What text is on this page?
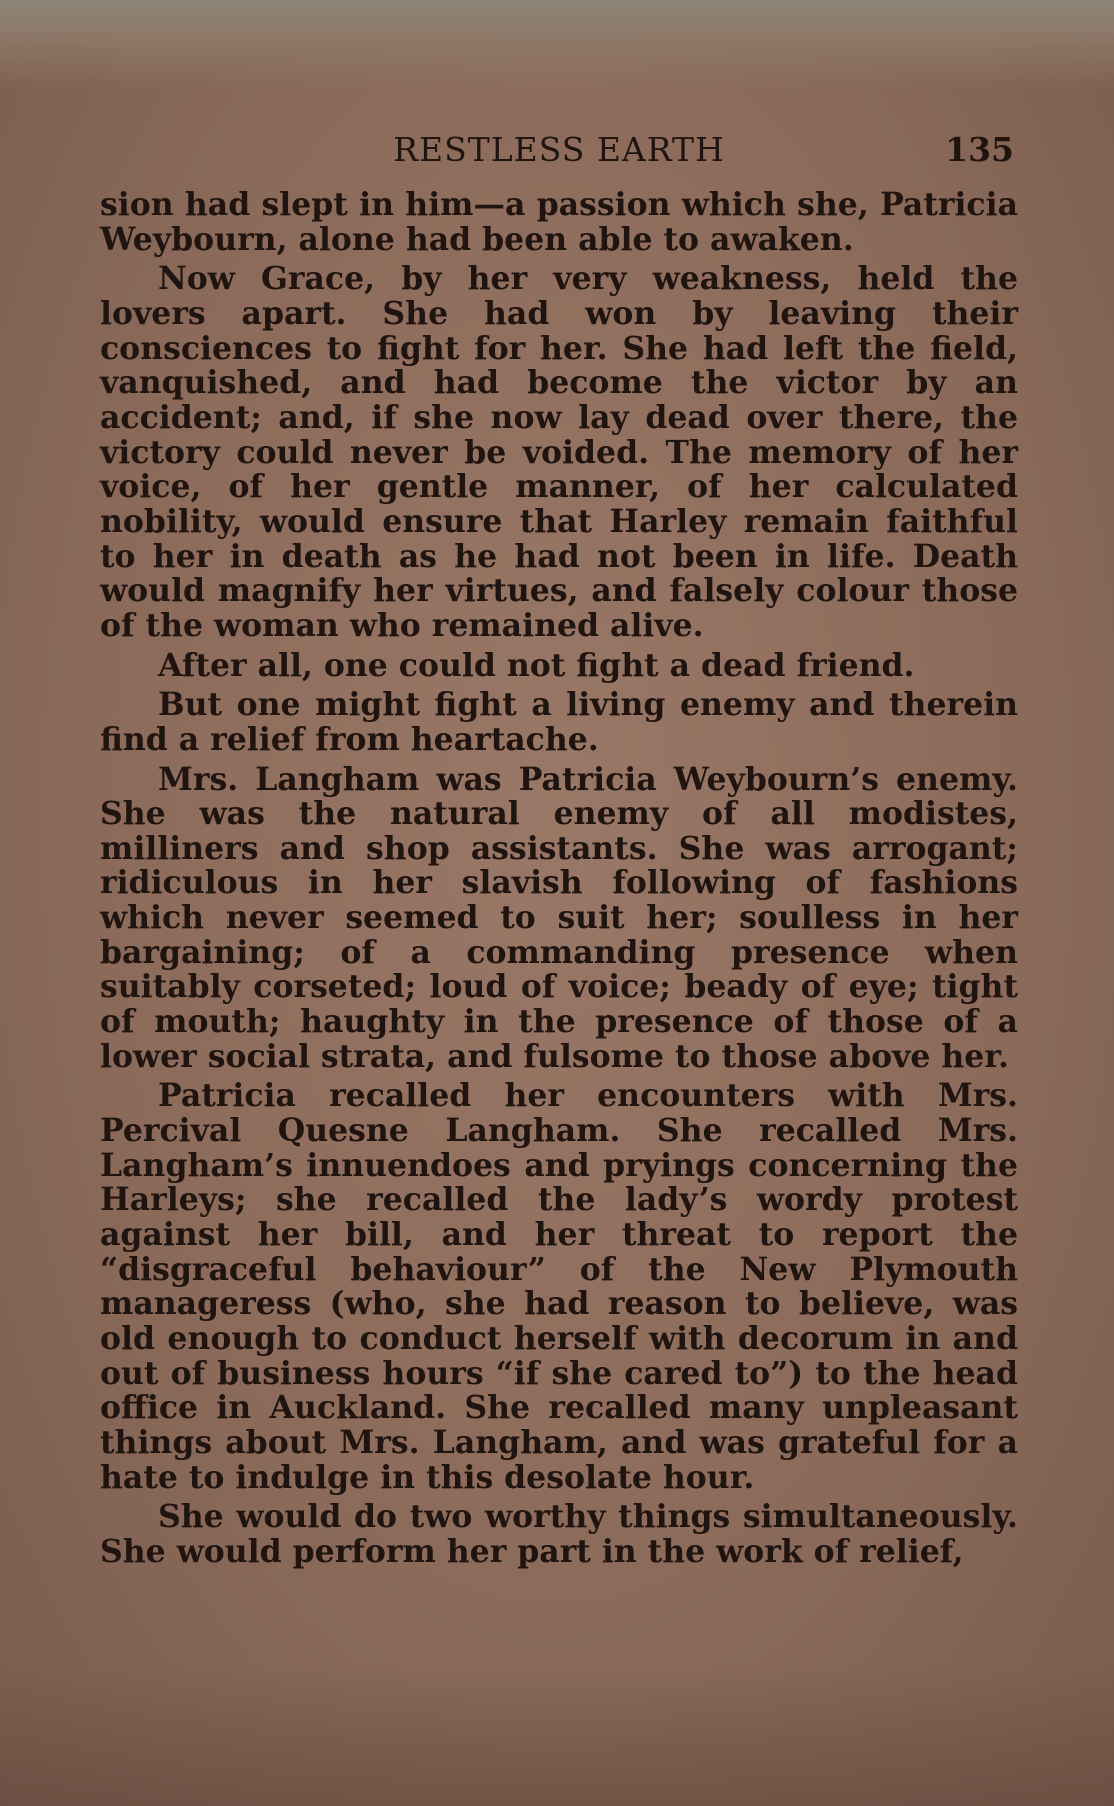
RESTLESS EARTH	135

sion had slept in him—a passion which she, Patricia Weybourn, alone had been able to awaken.

Now Grace, by her very weakness, held the lovers apart. She had won by leaving their consciences to fight for her. She had left the field, vanquished, and had become the victor by an accident; and, if she now lay dead over there, the victory could never be voided. The memory of her voice, of her gentle manner, of her calculated nobility, would ensure that Harley remain faithful to her in death as he had not been in life. Death would magnify her virtues, and falsely colour those of the woman who remained alive.

After all, one could not fight a dead friend.

But one might fight a living enemy and therein find a relief from heartache.

Mrs. Langham was Patricia Weybourn’s enemy. She was the natural enemy of all modistes, milliners and shop assistants. She was arrogant; ridiculous in her slavish following of fashions which never seemed to suit her; soulless in her bargaining; of a commanding presence when suitably corseted; loud of voice; beady of eye; tight of mouth; haughty in the presence of those of a lower social strata, and fulsome to those above her.

Patricia recalled her encounters with Mrs. Percival Quesne Langham. She recalled Mrs. Langham’s innuendoes and pryings concerning the Harleys; she recalled the lady’s wordy protest against her bill, and her threat to report the “disgraceful behaviour” of the New Plymouth manageress (who, she had reason to believe, was old enough to conduct herself with decorum in and out of business hours “if she cared to”) to the head office in Auckland. She recalled many unpleasant things about Mrs. Langham, and was grateful for a hate to indulge in this desolate hour.

She would do two worthy things simultaneously. She would perform her part in the work of relief,
